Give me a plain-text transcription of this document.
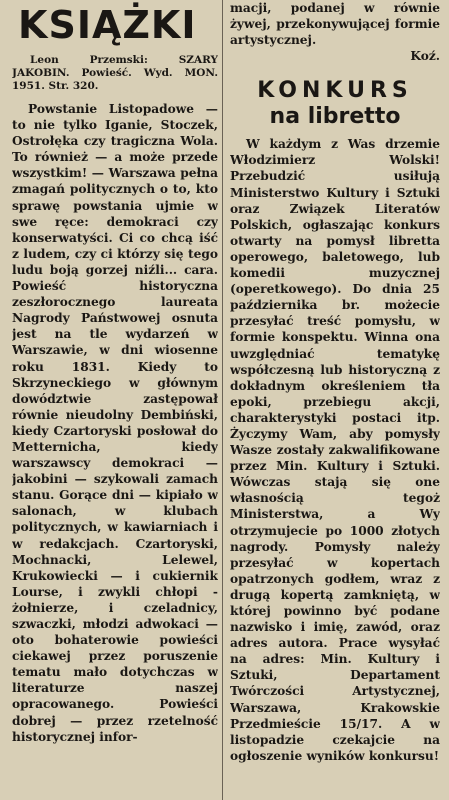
KSIĄŻKI

Leon Przemski: SZARY JAKOBIN. Powieść. Wyd. MON. 1951. Str. 320.

Powstanie Listopadowe — to nie tylko Iganie, Stoczek, Ostrołęka czy tragiczna Wola. To również — a może przede wszystkim! — Warszawa pełna zmagań politycznych o to, kto sprawę powstania ujmie w swe ręce: demokraci czy konserwatyści. Ci co chcą iść z ludem, czy ci którzy się tego ludu boją gorzej niźli... cara. Powieść historyczna zeszłorocznego laureata Nagrody Państwowej osnuta jest na tle wydarzeń w Warszawie, w dni wiosenne roku 1831. Kiedy to Skrzyneckiego w głównym dowództwie zastępował równie nieudolny Dembiński, kiedy Czartoryski posłował do Metternicha, kiedy warszawscy demokraci — jakobini — szykowali zamach stanu. Gorące dni — kipiało w salonach, w klubach politycznych, w kawiarniach i w redakcjach. Czartoryski, Mochnacki, Lelewel, Krukowiecki — i cukiernik Lourse, i zwykli chłopi - żołnierze, i czeladnicy, szwaczki, młodzi adwokaci — oto bohaterowie powieści ciekawej przez poruszenie tematu mało dotychczas w literaturze naszej opracowanego. Powieści dobrej — przez rzetelność historycznej infor-

macji, podanej w równie żywej, przekonywującej formie artystycznej.

Koź.
KONKURS
na libretto

W każdym z Was drzemie Włodzimierz Wolski! Przebudzić usiłują Ministerstwo Kultury i Sztuki oraz Związek Literatów Polskich, ogłaszając konkurs otwarty na pomysł libretta operowego, baletowego, lub komedii muzycznej (operetkowego). Do dnia 25 października br. możecie przesyłać treść pomysłu, w formie konspektu. Winna ona uwzględniać tematykę współczesną lub historyczną z dokładnym określeniem tła epoki, przebiegu akcji, charakterystyki postaci itp. Życzymy Wam, aby pomysły Wasze zostały zakwalifikowane przez Min. Kultury i Sztuki. Wówczas stają się one własnością tegoż Ministerstwa, a Wy otrzymujecie po 1000 złotych nagrody. Pomysły należy przesyłać w kopertach opatrzonych godłem, wraz z drugą kopertą zamkniętą, w której powinno być podane nazwisko i imię, zawód, oraz adres autora. Prace wysyłać na adres: Min. Kultury i Sztuki, Departament Twórczości Artystycznej, Warszawa, Krakowskie Przedmieście 15/17. A w listopadzie czekajcie na ogłoszenie wyników konkursu!
